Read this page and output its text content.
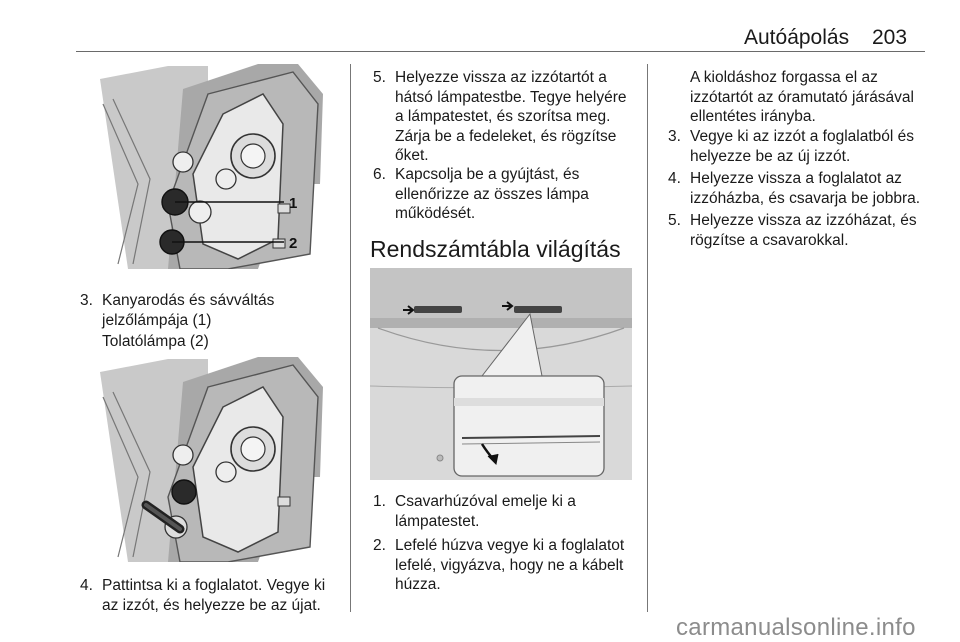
Autóápolás 203
1
2
3. Kanyarodás és sávváltás
jelzőlámpája (1)
Tolatólámpa (2)
4. Pattintsa ki a foglalatot. Vegye ki
az izzót, és helyezze be az újat.
5. Helyezze vissza az izzótartót a
hátsó lámpatestbe. Tegye helyére
a lámpatestet, és szorítsa meg.
Zárja be a fedeleket, és rögzítse
őket.
6. Kapcsolja be a gyújtást, és
ellenőrizze az összes lámpa
működését.
Rendszámtábla világítás
1. Csavarhúzóval emelje ki a
lámpatestet.
2. Lefelé húzva vegye ki a foglalatot
lefelé, vigyázva, hogy ne a kábelt
húzza.
A kioldáshoz forgassa el az
izzótartót az óramutató járásával
ellentétes irányba.
3. Vegye ki az izzót a foglalatból és
helyezze be az új izzót.
4. Helyezze vissza a foglalatot az
izzóházba, és csavarja be jobbra.
5. Helyezze vissza az izzóházat, és
rögzítse a csavarokkal.
carmanualsonline.info
